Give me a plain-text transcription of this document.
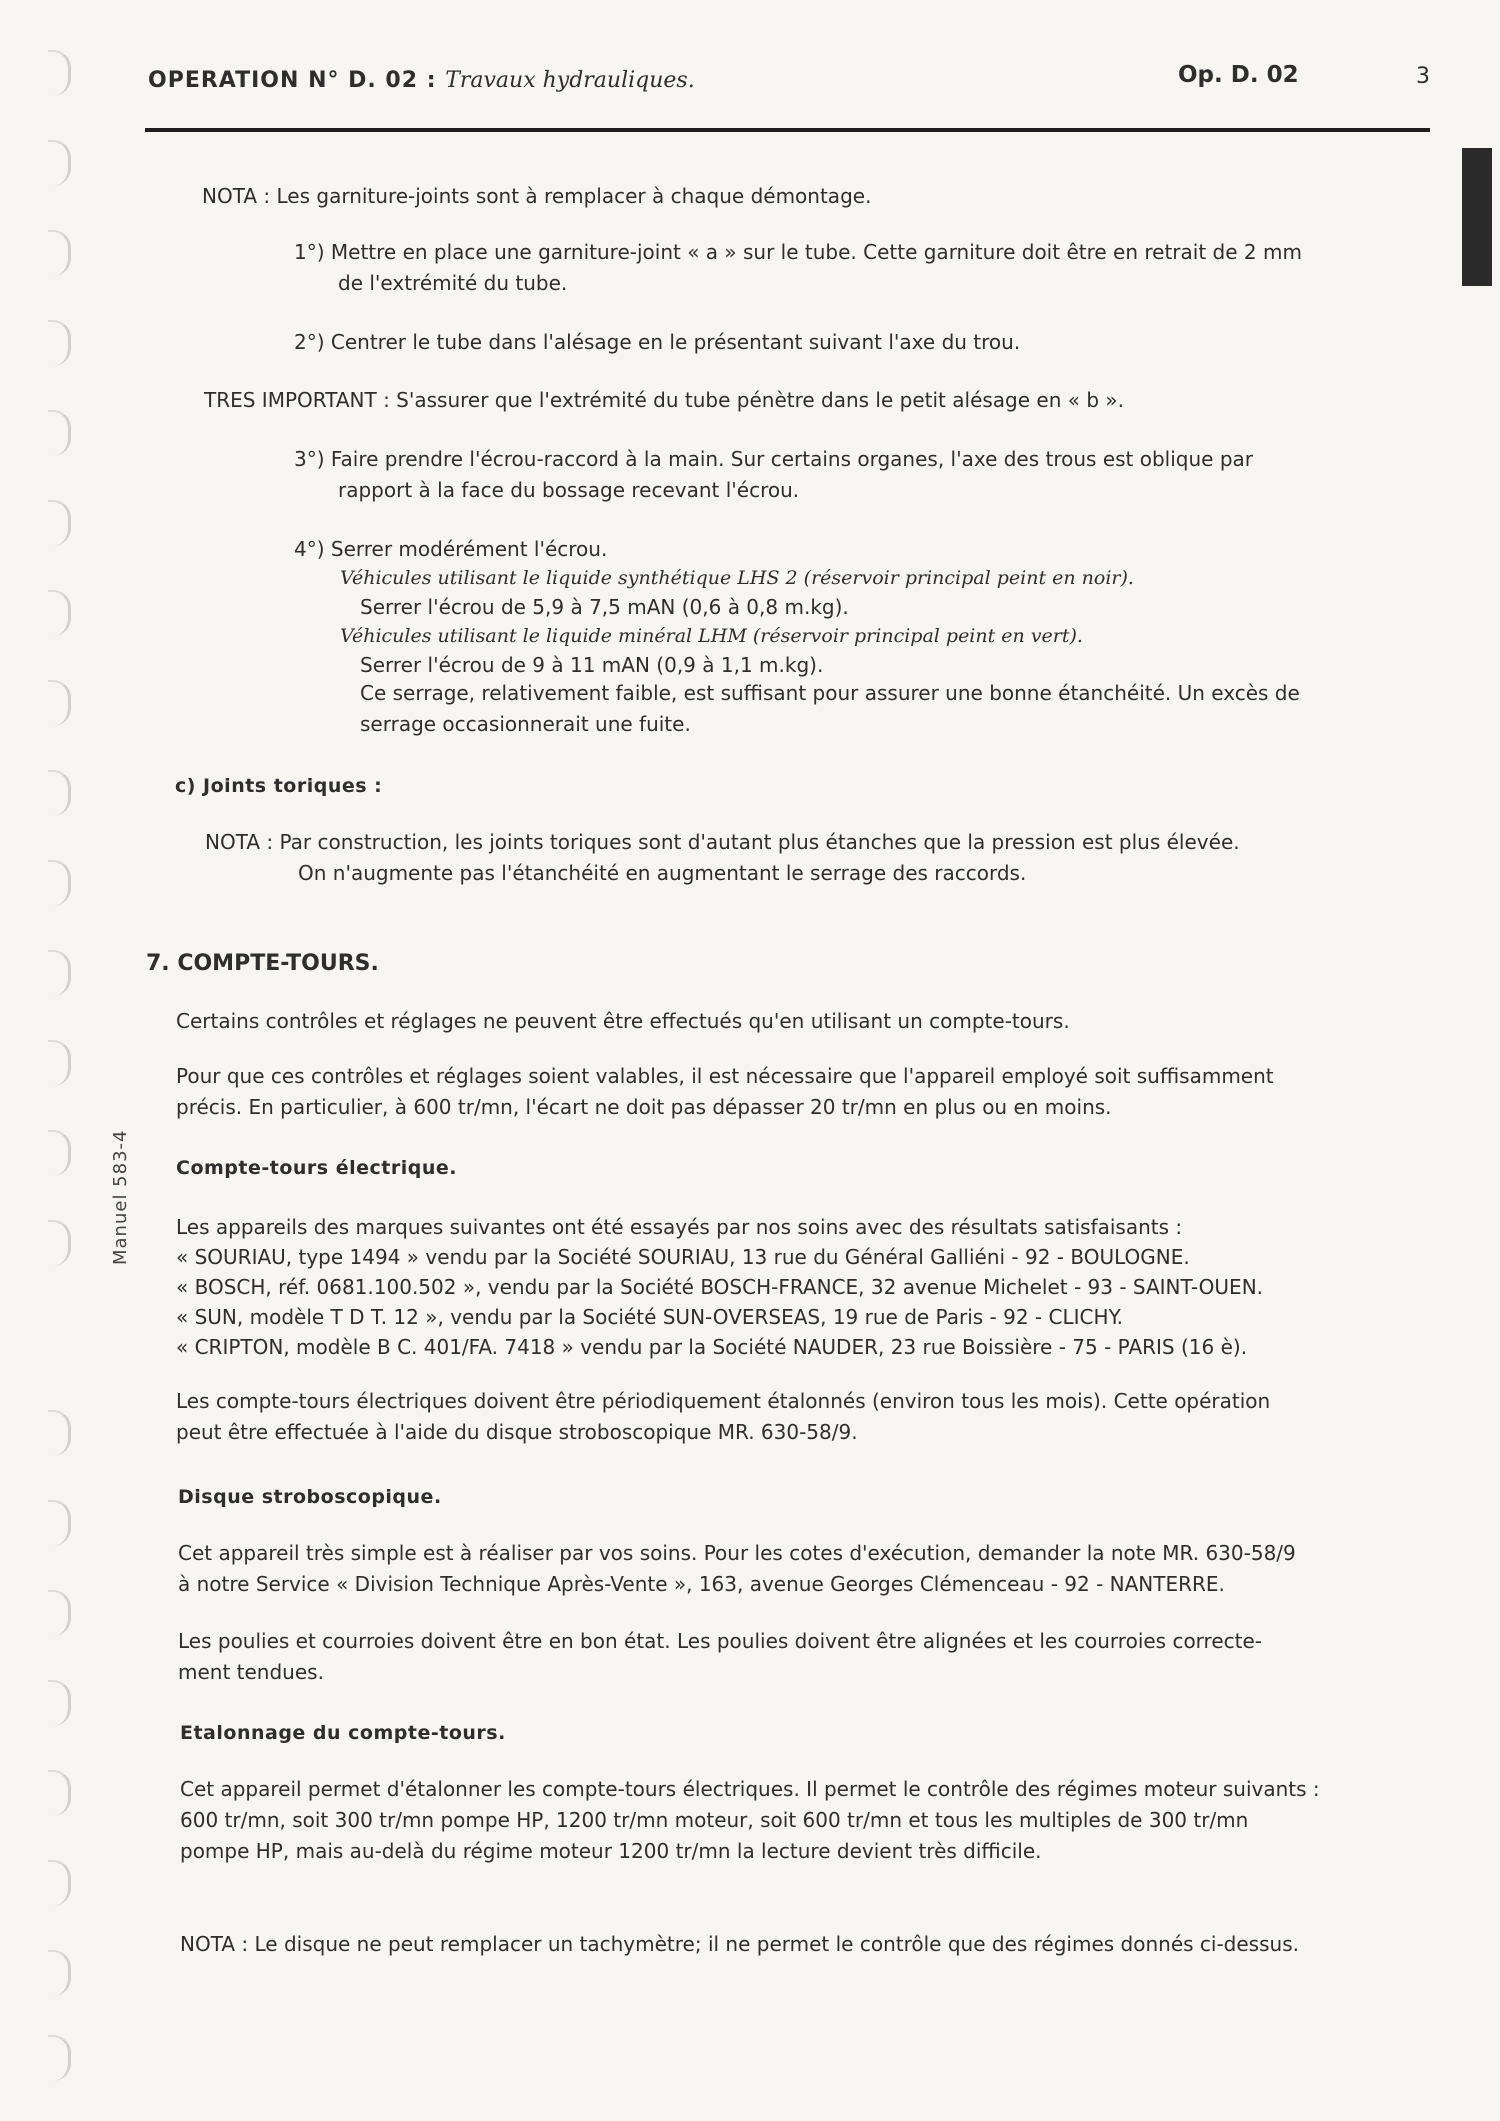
Manuel 583-4
OPERATION N° D. 02 : Travaux hydrauliques.	Op. D. 02	3
NOTA : Les garniture-joints sont à remplacer à chaque démontage.
1°) Mettre en place une garniture-joint « a » sur le tube. Cette garniture doit être en retrait de 2 mm
de l'extrémité du tube.
2°) Centrer le tube dans l'alésage en le présentant suivant l'axe du trou.
TRES IMPORTANT : S'assurer que l'extrémité du tube pénètre dans le petit alésage en « b ».
3°) Faire prendre l'écrou-raccord à la main. Sur certains organes, l'axe des trous est oblique par
rapport à la face du bossage recevant l'écrou.
4°) Serrer modérément l'écrou.
Véhicules utilisant le liquide synthétique LHS 2 (réservoir principal peint en noir).
Serrer l'écrou de 5,9 à 7,5 mAN (0,6 à 0,8 m.kg).
Véhicules utilisant le liquide minéral LHM (réservoir principal peint en vert).
Serrer l'écrou de 9 à 11 mAN (0,9 à 1,1 m.kg).
Ce serrage, relativement faible, est suffisant pour assurer une bonne étanchéité. Un excès de
serrage occasionnerait une fuite.
c) Joints toriques :
NOTA : Par construction, les joints toriques sont d'autant plus étanches que la pression est plus élevée.
On n'augmente pas l'étanchéité en augmentant le serrage des raccords.
7. COMPTE-TOURS.
Certains contrôles et réglages ne peuvent être effectués qu'en utilisant un compte-tours.
Pour que ces contrôles et réglages soient valables, il est nécessaire que l'appareil employé soit suffisamment
précis. En particulier, à 600 tr/mn, l'écart ne doit pas dépasser 20 tr/mn en plus ou en moins.
Compte-tours électrique.
Les appareils des marques suivantes ont été essayés par nos soins avec des résultats satisfaisants :
« SOURIAU, type 1494 » vendu par la Société SOURIAU, 13 rue du Général Galliéni - 92 - BOULOGNE.
« BOSCH, réf. 0681.100.502 », vendu par la Société BOSCH-FRANCE, 32 avenue Michelet - 93 - SAINT-OUEN.
« SUN, modèle T D T. 12 », vendu par la Société SUN-OVERSEAS, 19 rue de Paris - 92 - CLICHY.
« CRIPTON, modèle B C. 401/FA. 7418 » vendu par la Société NAUDER, 23 rue Boissière - 75 - PARIS (16 è).
Les compte-tours électriques doivent être périodiquement étalonnés (environ tous les mois). Cette opération
peut être effectuée à l'aide du disque stroboscopique MR. 630-58/9.
Disque stroboscopique.
Cet appareil très simple est à réaliser par vos soins. Pour les cotes d'exécution, demander la note MR. 630-58/9
à notre Service « Division Technique Après-Vente », 163, avenue Georges Clémenceau - 92 - NANTERRE.
Les poulies et courroies doivent être en bon état. Les poulies doivent être alignées et les courroies correcte-
ment tendues.
Etalonnage du compte-tours.
Cet appareil permet d'étalonner les compte-tours électriques. Il permet le contrôle des régimes moteur suivants :
600 tr/mn, soit 300 tr/mn pompe HP, 1200 tr/mn moteur, soit 600 tr/mn et tous les multiples de 300 tr/mn
pompe HP, mais au-delà du régime moteur 1200 tr/mn la lecture devient très difficile.
NOTA : Le disque ne peut remplacer un tachymètre; il ne permet le contrôle que des régimes donnés ci-dessus.
